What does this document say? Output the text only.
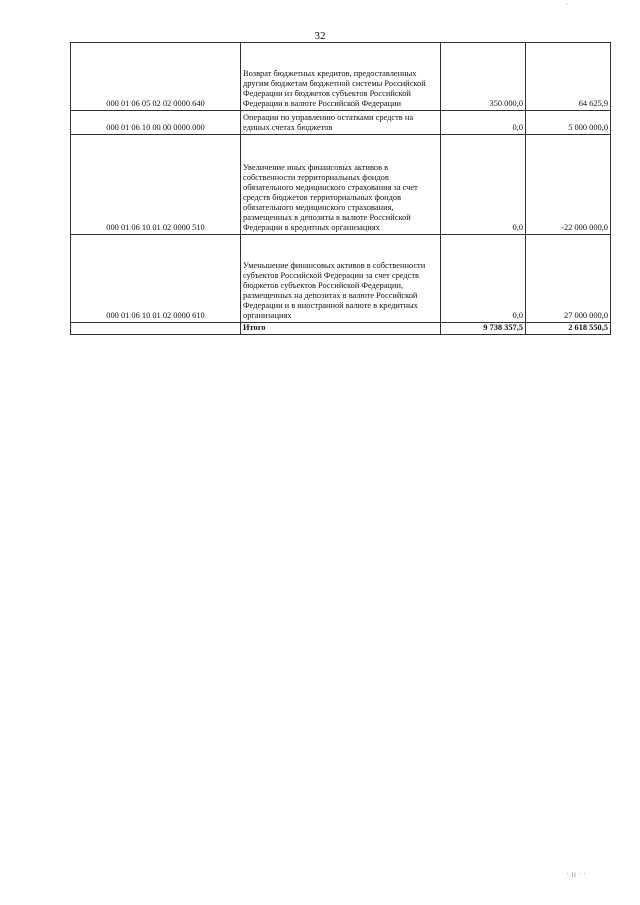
32
000 01 06 05 02 02 0000 640	Возврат бюджетных кредитов, предоставленных другим бюджетам бюджетной системы Российской Федерации из бюджетов субъектов Российской Федерации в валюте Российской Федерации	350 000,0	64 625,9
000 01 06 10 00 00 0000 000	Операции по управлению остатками средств на единых счетах бюджетов	0,0	5 000 000,0
000 01 06 10 01 02 0000 510	Увеличение иных финансовых активов в собственности территориальных фондов обязательного медицинского страхования за счет средств бюджетов территориальных фондов обязательного медицинского страхования, размещенных в депозиты в валюте Российской Федерации в кредитных организациях	0,0	-22 000 000,0
000 01 06 10 01 02 0000 610	Уменьшение финансовых активов в собственности субъектов Российской Федерации за счет средств бюджетов субъектов Российской Федерации, размещенных на депозитах в валюте Российской Федерации и в иностранной валюте в кредитных организациях	0,0	27 000 000,0
	Итого	9 738 357,5	2 618 550,5
˘
' ‖‖ ' '
